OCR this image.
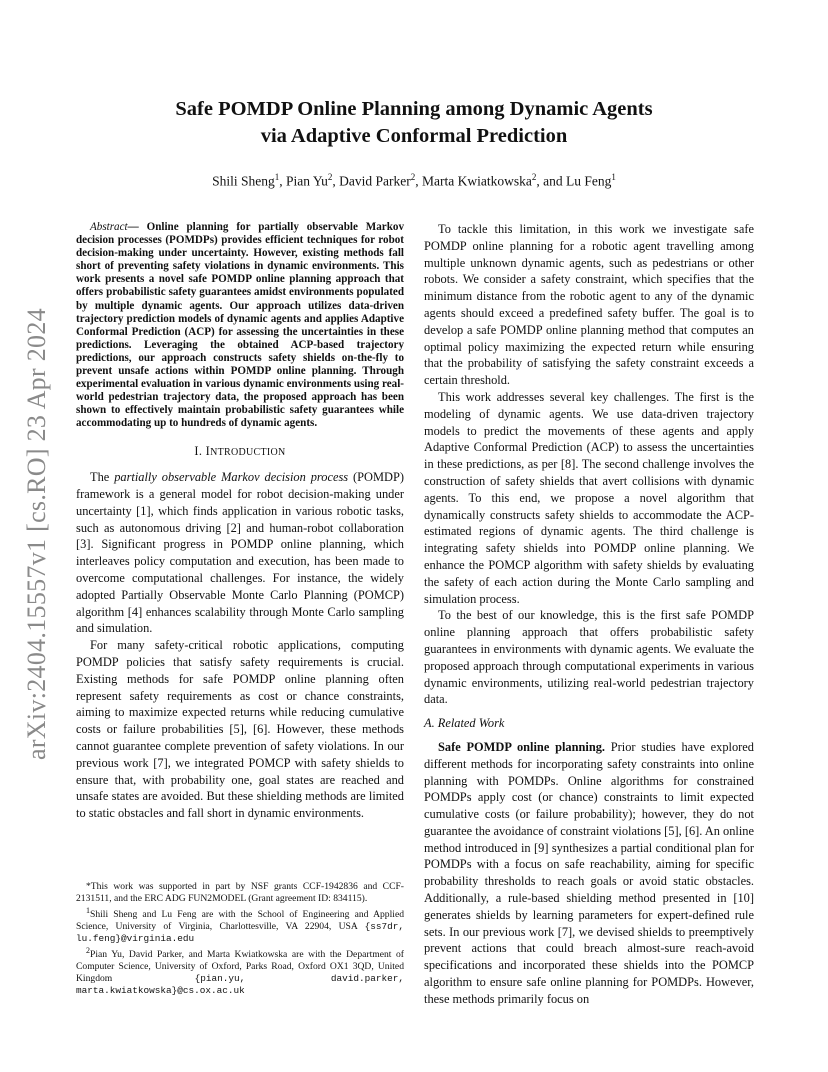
arXiv:2404.15557v1 [cs.RO] 23 Apr 2024
Safe POMDP Online Planning among Dynamic Agents
via Adaptive Conformal Prediction
Shili Sheng$^1$, Pian Yu$^2$, David Parker$^2$, Marta Kwiatkowska$^2$, and Lu Feng$^1$

Abstract— Online planning for partially observable Markov decision processes (POMDPs) provides efficient techniques for robot decision-making under uncertainty. However, existing methods fall short of preventing safety violations in dynamic environments. This work presents a novel safe POMDP online planning approach that offers probabilistic safety guarantees amidst environments populated by multiple dynamic agents. Our approach utilizes data-driven trajectory prediction models of dynamic agents and applies Adaptive Conformal Prediction (ACP) for assessing the uncertainties in these predictions. Leveraging the obtained ACP-based trajectory predictions, our approach constructs safety shields on-the-fly to prevent unsafe actions within POMDP online planning. Through experimental evaluation in various dynamic environments using real-world pedestrian trajectory data, the proposed approach has been shown to effectively maintain probabilistic safety guarantees while accommodating up to hundreds of dynamic agents.

I. INTRODUCTION

The partially observable Markov decision process (POMDP) framework is a general model for robot decision-making under uncertainty [1], which finds application in various robotic tasks, such as autonomous driving [2] and human-robot collaboration [3]. Significant progress in POMDP online planning, which interleaves policy computation and execution, has been made to overcome computational challenges. For instance, the widely adopted Partially Observable Monte Carlo Planning (POMCP) algorithm [4] enhances scalability through Monte Carlo sampling and simulation.

For many safety-critical robotic applications, computing POMDP policies that satisfy safety requirements is crucial. Existing methods for safe POMDP online planning often represent safety requirements as cost or chance constraints, aiming to maximize expected returns while reducing cumulative costs or failure probabilities [5], [6]. However, these methods cannot guarantee complete prevention of safety violations. In our previous work [7], we integrated POMCP with safety shields to ensure that, with probability one, goal states are reached and unsafe states are avoided. But these shielding methods are limited to static obstacles and fall short in dynamic environments.

*This work was supported in part by NSF grants CCF-1942836 and CCF-2131511, and the ERC ADG FUN2MODEL (Grant agreement ID: 834115).

$^1$Shili Sheng and Lu Feng are with the School of Engineering and Applied Science, University of Virginia, Charlottesville, VA 22904, USA {ss7dr, lu.feng}@virginia.edu

$^2$Pian Yu, David Parker, and Marta Kwiatkowska are with the Department of Computer Science, University of Oxford, Parks Road, Oxford OX1 3QD, United Kingdom {pian.yu, david.parker, marta.kwiatkowska}@cs.ox.ac.uk

To tackle this limitation, in this work we investigate safe POMDP online planning for a robotic agent travelling among multiple unknown dynamic agents, such as pedestrians or other robots. We consider a safety constraint, which specifies that the minimum distance from the robotic agent to any of the dynamic agents should exceed a predefined safety buffer. The goal is to develop a safe POMDP online planning method that computes an optimal policy maximizing the expected return while ensuring that the probability of satisfying the safety constraint exceeds a certain threshold.

This work addresses several key challenges. The first is the modeling of dynamic agents. We use data-driven trajectory models to predict the movements of these agents and apply Adaptive Conformal Prediction (ACP) to assess the uncertainties in these predictions, as per [8]. The second challenge involves the construction of safety shields that avert collisions with dynamic agents. To this end, we propose a novel algorithm that dynamically constructs safety shields to accommodate the ACP-estimated regions of dynamic agents. The third challenge is integrating safety shields into POMDP online planning. We enhance the POMCP algorithm with safety shields by evaluating the safety of each action during the Monte Carlo sampling and simulation process.

To the best of our knowledge, this is the first safe POMDP online planning approach that offers probabilistic safety guarantees in environments with dynamic agents. We evaluate the proposed approach through computational experiments in various dynamic environments, utilizing real-world pedestrian trajectory data.

A. Related Work

Safe POMDP online planning. Prior studies have explored different methods for incorporating safety constraints into online planning with POMDPs. Online algorithms for constrained POMDPs apply cost (or chance) constraints to limit expected cumulative costs (or failure probability); however, they do not guarantee the avoidance of constraint violations [5], [6]. An online method introduced in [9] synthesizes a partial conditional plan for POMDPs with a focus on safe reachability, aiming for specific probability thresholds to reach goals or avoid static obstacles. Additionally, a rule-based shielding method presented in [10] generates shields by learning parameters for expert-defined rule sets. In our previous work [7], we devised shields to preemptively prevent actions that could breach almost-sure reach-avoid specifications and incorporated these shields into the POMCP algorithm to ensure safe online planning for POMDPs. However, these methods primarily focus on
